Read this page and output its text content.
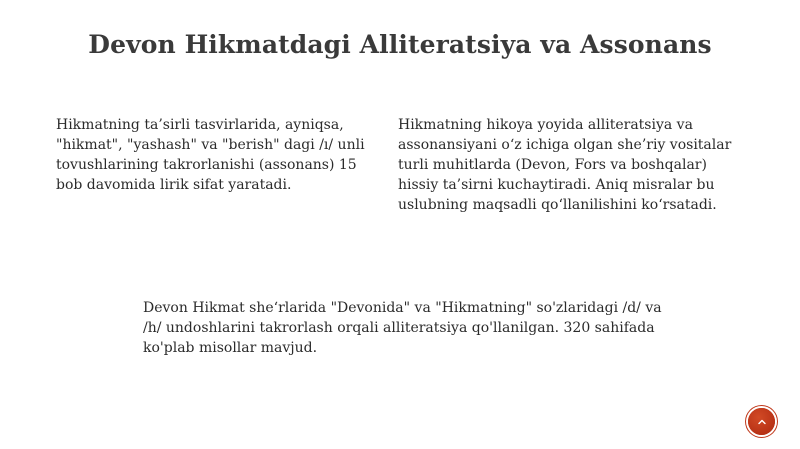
Devon Hikmatdagi Alliteratsiya va Assonans

Hikmatning ta’sirli tasvirlarida, ayniqsa, "hikmat", "yashash" va "berish" dagi /ı/ unli tovushlarining takrorlanishi (assonans) 15 bob davomida lirik sifat yaratadi.

Hikmatning hikoya yoyida alliteratsiya va assonansiyani o‘z ichiga olgan she’riy vositalar turli muhitlarda (Devon, Fors va boshqalar) hissiy ta’sirni kuchaytiradi. Aniq misralar bu uslubning maqsadli qo‘llanilishini ko‘rsatadi.

Devon Hikmat she‘rlarida "Devonida" va "Hikmatning" so'zlaridagi /d/ va /h/ undoshlarini takrorlash orqali alliteratsiya qo'llanilgan. 320 sahifada ko'plab misollar mavjud.
